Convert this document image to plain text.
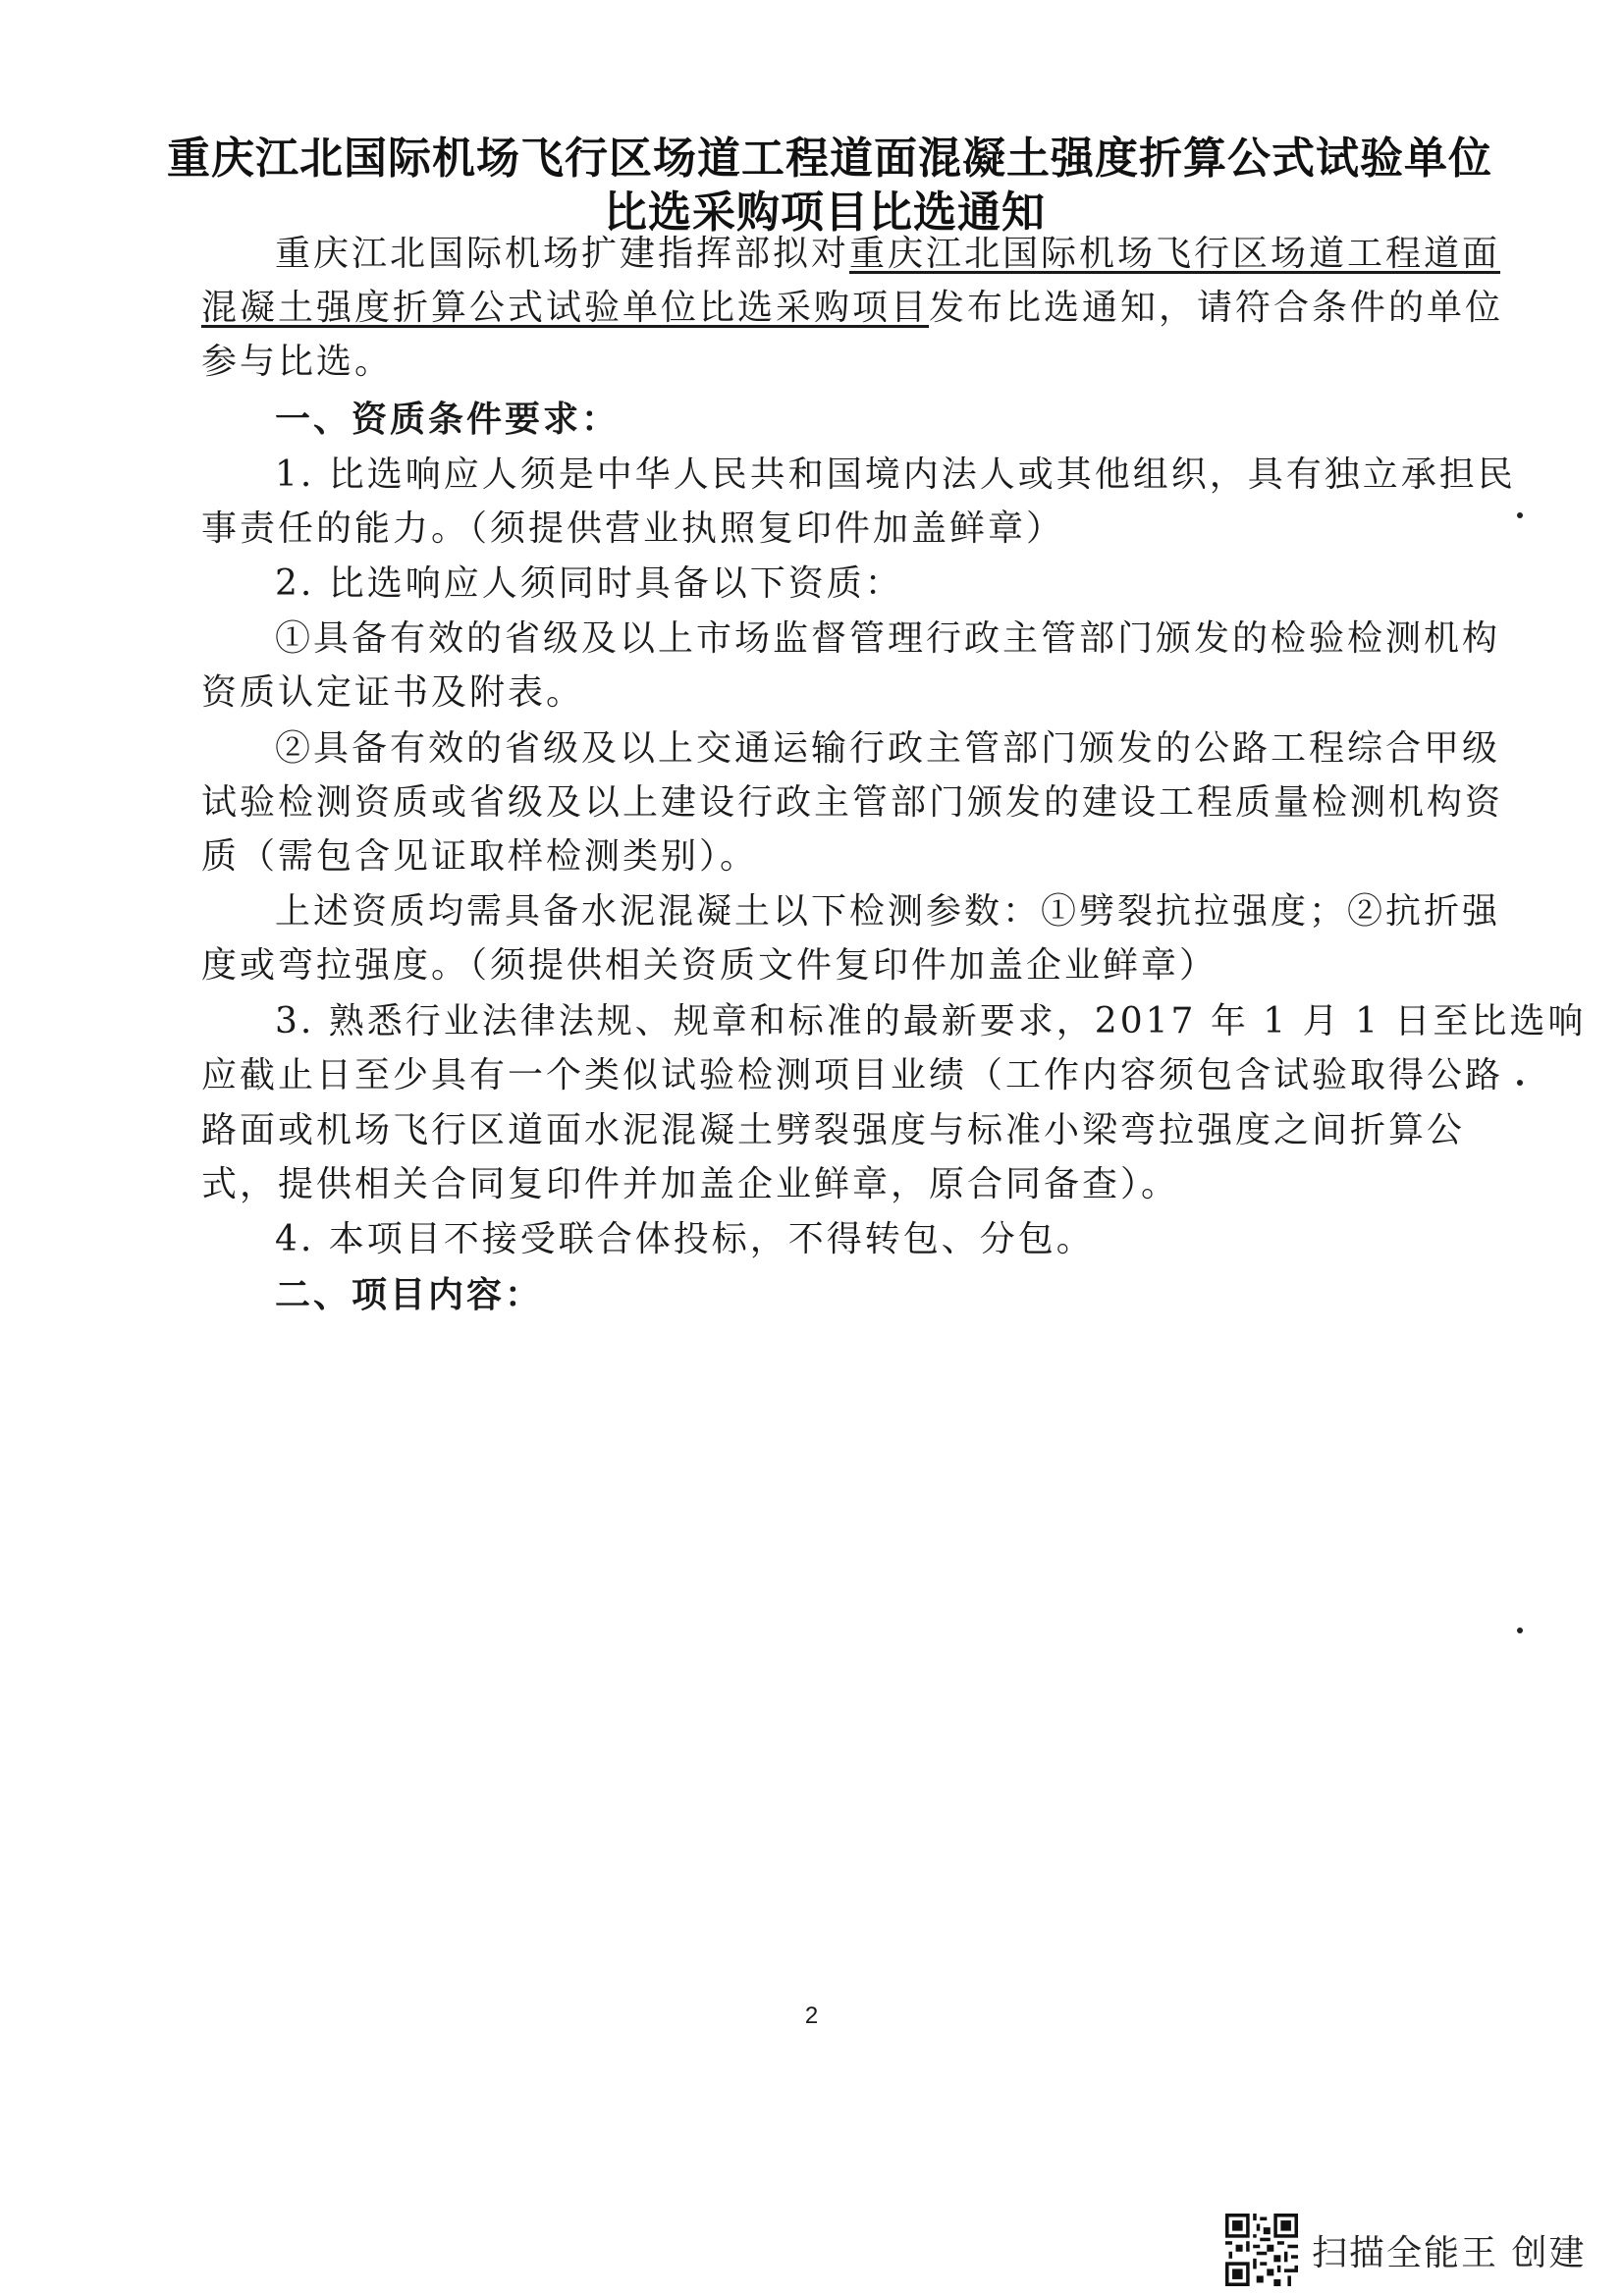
重庆江北国际机场飞行区场道工程道面混凝土强度折算公式试验单位
比选采购项目比选通知
重庆江北国际机场扩建指挥部拟对重庆江北国际机场飞行区场道工程道面
混凝土强度折算公式试验单位比选采购项目发布比选通知，请符合条件的单位
参与比选。
一、资质条件要求：
1. 比选响应人须是中华人民共和国境内法人或其他组织，具有独立承担民
事责任的能力。（须提供营业执照复印件加盖鲜章）
2. 比选响应人须同时具备以下资质：
①具备有效的省级及以上市场监督管理行政主管部门颁发的检验检测机构
资质认定证书及附表。
②具备有效的省级及以上交通运输行政主管部门颁发的公路工程综合甲级
试验检测资质或省级及以上建设行政主管部门颁发的建设工程质量检测机构资
质（需包含见证取样检测类别）。
上述资质均需具备水泥混凝土以下检测参数：①劈裂抗拉强度；②抗折强
度或弯拉强度。（须提供相关资质文件复印件加盖企业鲜章）
3. 熟悉行业法律法规、规章和标准的最新要求，2017 年 1 月 1 日至比选响
应截止日至少具有一个类似试验检测项目业绩（工作内容须包含试验取得公路
路面或机场飞行区道面水泥混凝土劈裂强度与标准小梁弯拉强度之间折算公
式，提供相关合同复印件并加盖企业鲜章，原合同备查）。
4. 本项目不接受联合体投标，不得转包、分包。
二、项目内容：
2
扫描全能王 创建
